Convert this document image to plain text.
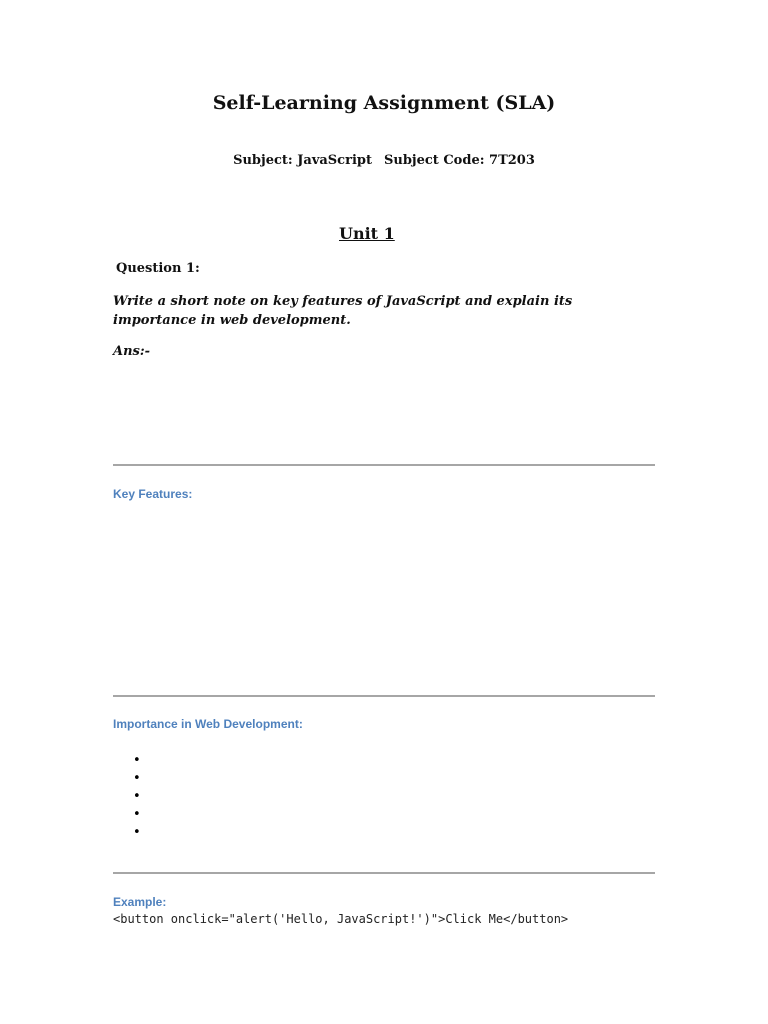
Self-Learning Assignment (SLA)
Subject: JavaScript Subject Code: 7T203
Unit 1
Question 1:
Write a short note on key features of JavaScript and explain its importance in web development.
Ans:-
Key Features:
Importance in Web Development:
•
•
•
•
•
Example:
<button onclick="alert('Hello, JavaScript!')">Click Me</button>
